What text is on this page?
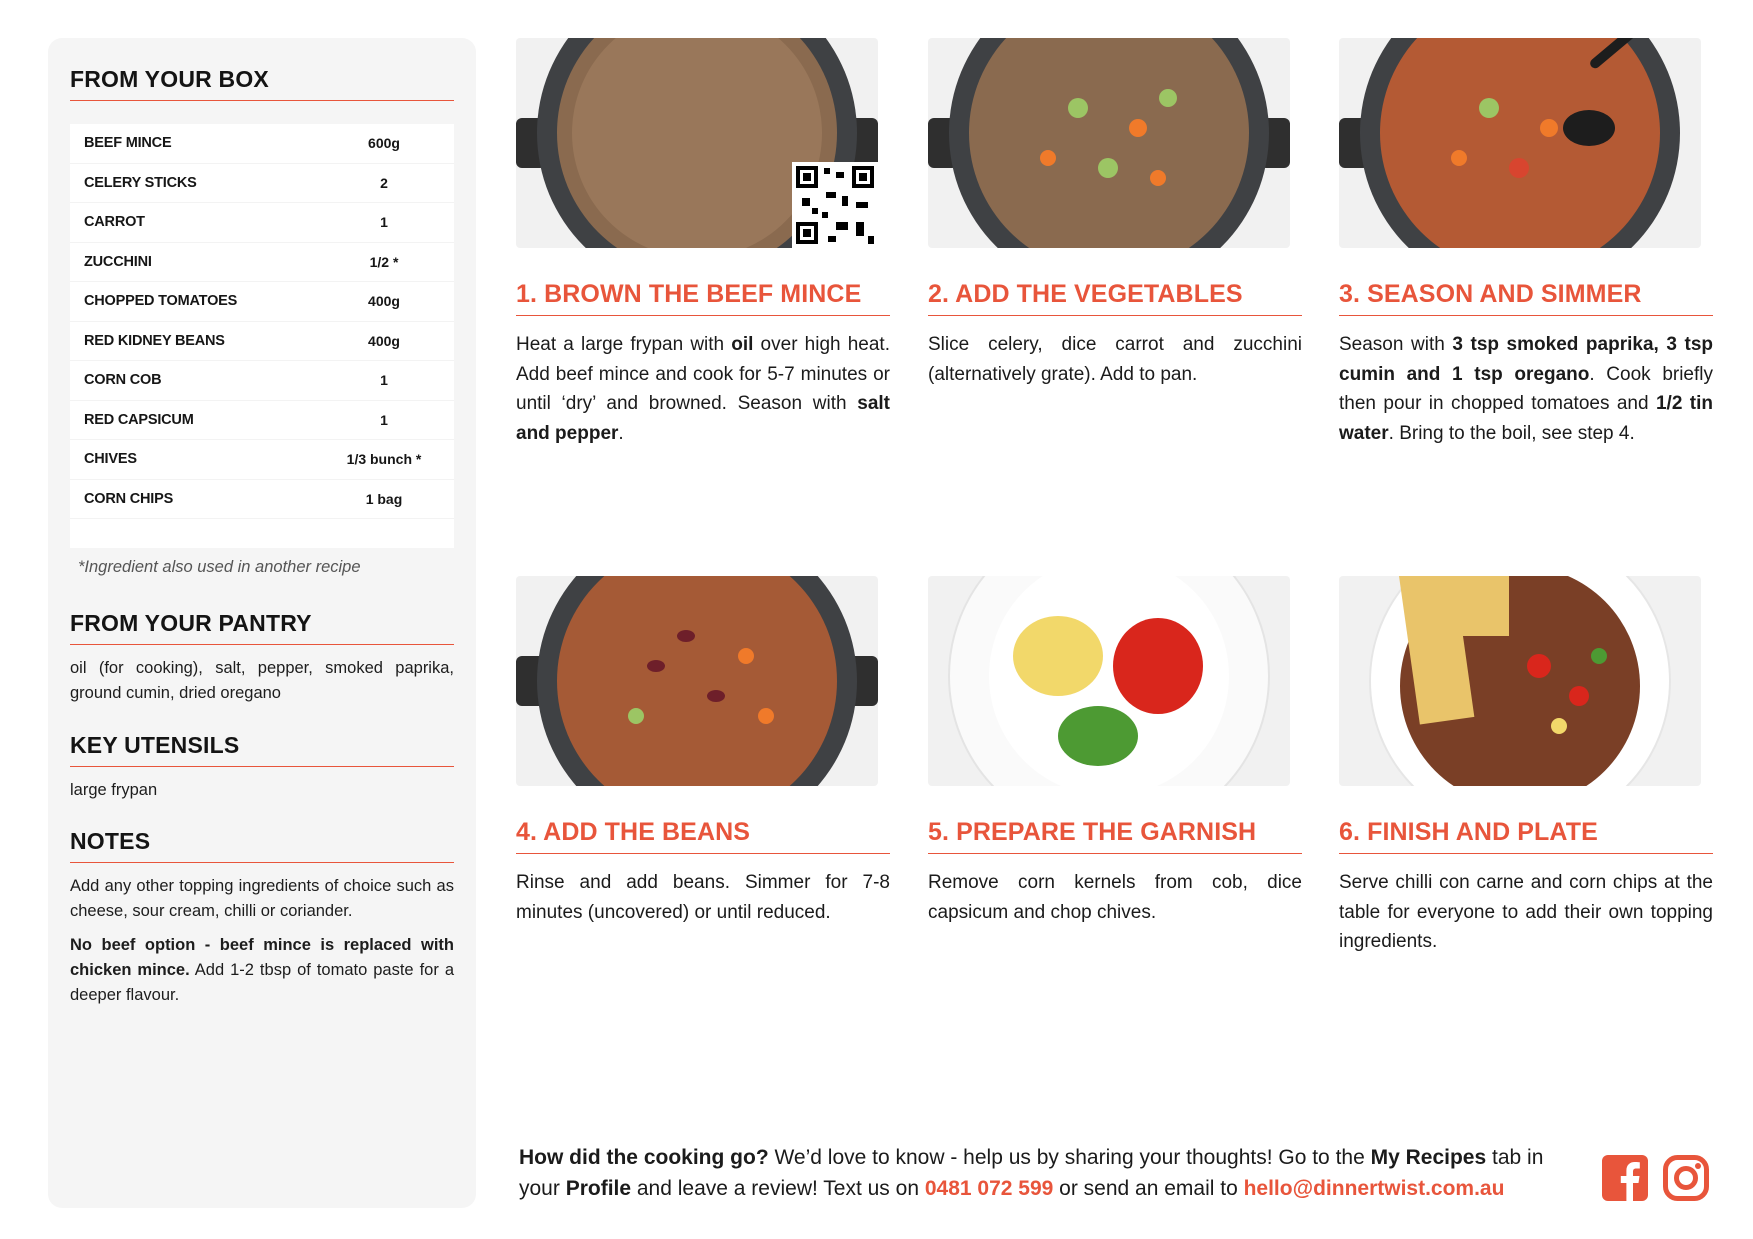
FROM YOUR BOX
BEEF MINCE	600g
CELERY STICKS	2
CARROT	1
ZUCCHINI	1/2 *
CHOPPED TOMATOES	400g
RED KIDNEY BEANS	400g
CORN COB	1
RED CAPSICUM	1
CHIVES	1/3 bunch *
CORN CHIPS	1 bag
*Ingredient also used in another recipe
FROM YOUR PANTRY
oil (for cooking), salt, pepper, smoked paprika, ground cumin, dried oregano
KEY UTENSILS
large frypan
NOTES

Add any other topping ingredients of choice such as cheese, sour cream, chilli or coriander.

No beef option - beef mince is replaced with chicken mince. Add 1-2 tbsp of tomato paste for a deeper flavour.

1. BROWN THE BEEF MINCE
Heat a large frypan with oil over high heat. Add beef mince and cook for 5-7 minutes or until ‘dry’ and browned. Season with salt and pepper.
2. ADD THE VEGETABLES
Slice celery, dice carrot and zucchini (alternatively grate). Add to pan.
3. SEASON AND SIMMER
Season with 3 tsp smoked paprika, 3 tsp cumin and 1 tsp oregano. Cook briefly then pour in chopped tomatoes and 1/2 tin water. Bring to the boil, see step 4.
4. ADD THE BEANS
Rinse and add beans. Simmer for 7-8 minutes (uncovered) or until reduced.
5. PREPARE THE GARNISH
Remove corn kernels from cob, dice capsicum and chop chives.
6. FINISH AND PLATE
Serve chilli con carne and corn chips at the table for everyone to add their own topping ingredients.
How did the cooking go? We’d love to know - help us by sharing your thoughts! Go to the My Recipes tab in your Profile and leave a review! Text us on 0481 072 599 or send an email to hello@dinnertwist.com.au
